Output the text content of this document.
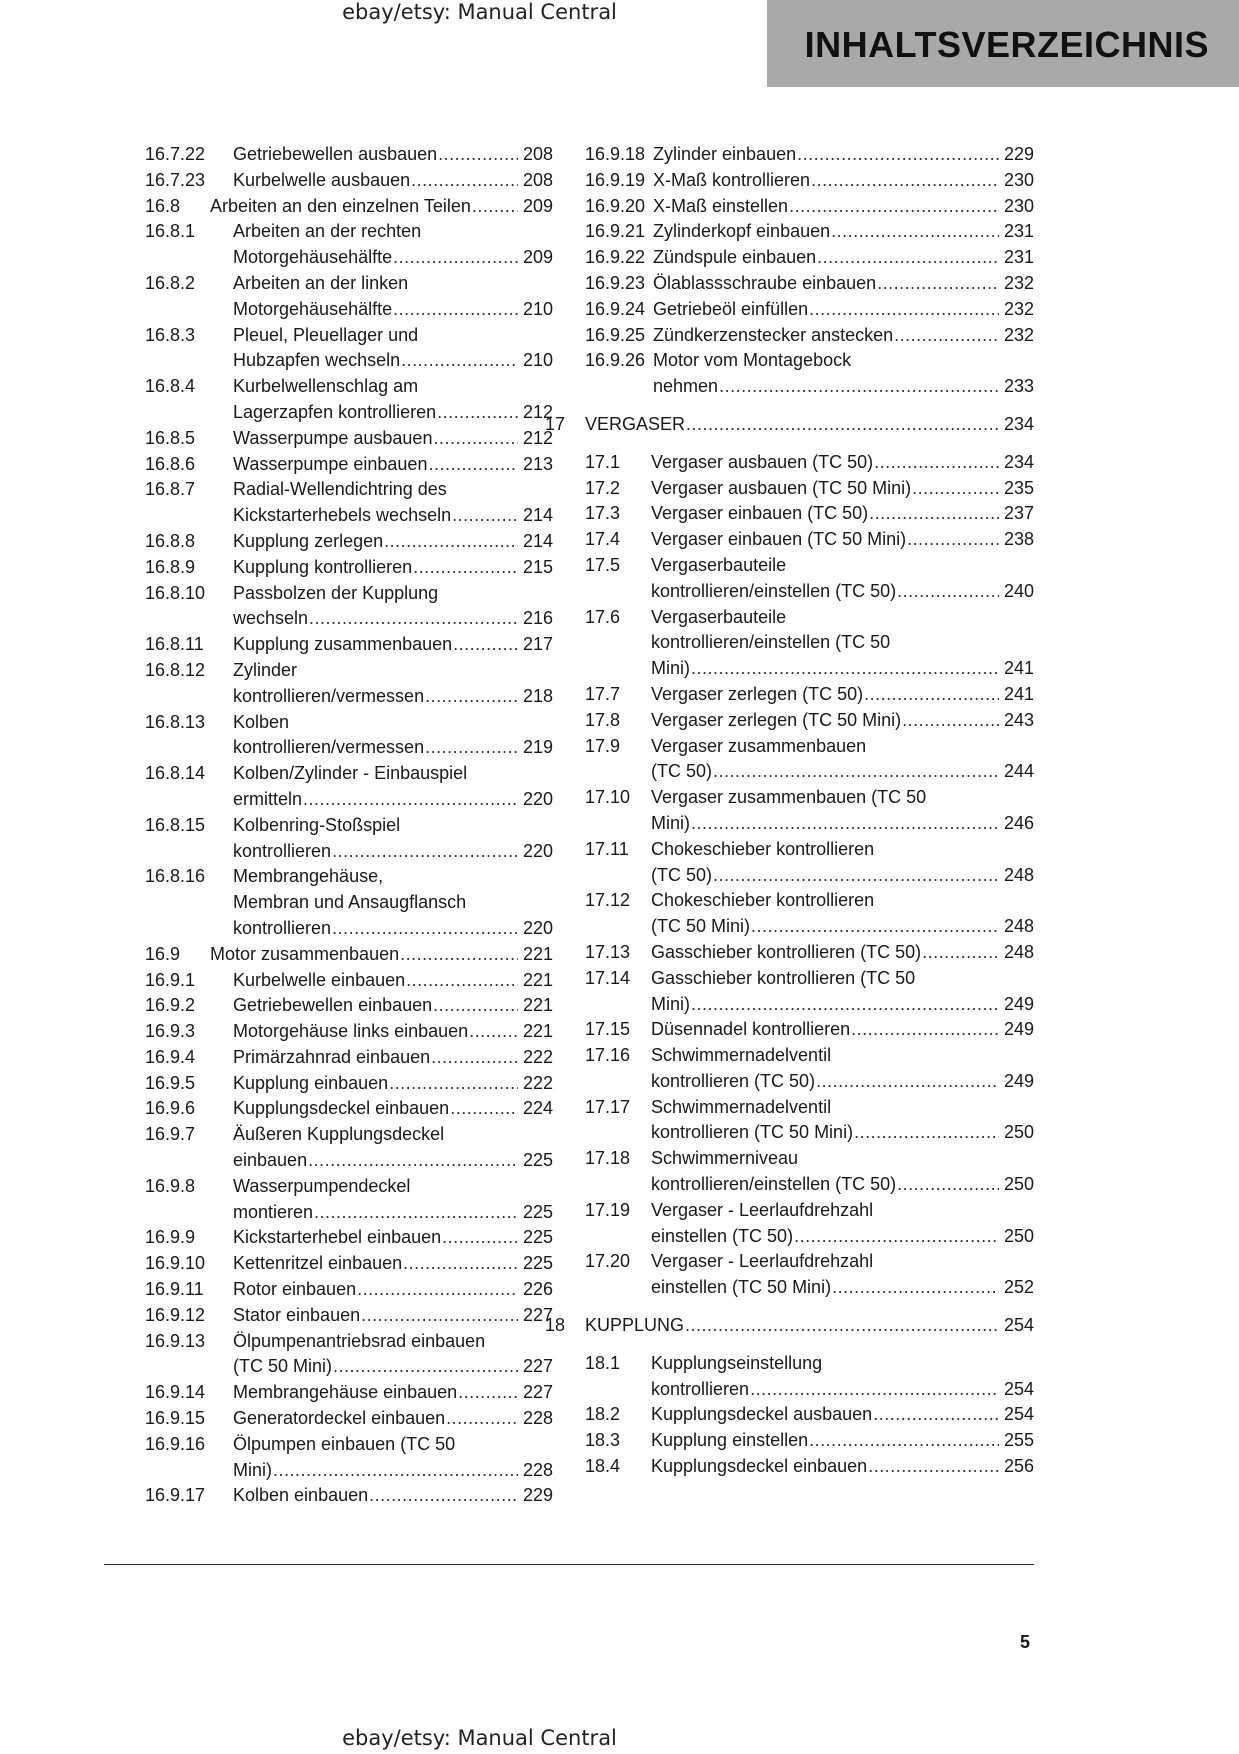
ebay/etsy: Manual Central
INHALTSVERZEICHNIS
16.7.22 Getriebewellen ausbauen .....	208
16.7.23 Kurbelwelle ausbauen .....	208
16.8 Arbeiten an den einzelnen Teilen .....	209
16.8.1 Arbeiten an der rechten
Motorgehäusehälfte .....	209
16.8.2 Arbeiten an der linken
Motorgehäusehälfte .....	210
16.8.3 Pleuel, Pleuellager und
Hubzapfen wechseln .....	210
16.8.4 Kurbelwellenschlag am
Lagerzapfen kontrollieren .....	212
16.8.5 Wasserpumpe ausbauen .....	212
16.8.6 Wasserpumpe einbauen .....	213
16.8.7 Radial-Wellendichtring des
Kickstarterhebels wechseln .....	214
16.8.8 Kupplung zerlegen .....	214
16.8.9 Kupplung kontrollieren .....	215
16.8.10 Passbolzen der Kupplung
wechseln .....	216
16.8.11 Kupplung zusammenbauen .....	217
16.8.12 Zylinder
kontrollieren/vermessen .....	218
16.8.13 Kolben
kontrollieren/vermessen .....	219
16.8.14 Kolben/Zylinder - Einbauspiel
ermitteln .....	220
16.8.15 Kolbenring-Stoßspiel
kontrollieren .....	220
16.8.16 Membrangehäuse,
Membran und Ansaugflansch
kontrollieren .....	220
16.9 Motor zusammenbauen .....	221
16.9.1 Kurbelwelle einbauen .....	221
16.9.2 Getriebewellen einbauen .....	221
16.9.3 Motorgehäuse links einbauen .....	221
16.9.4 Primärzahnrad einbauen .....	222
16.9.5 Kupplung einbauen .....	222
16.9.6 Kupplungsdeckel einbauen .....	224
16.9.7 Äußeren Kupplungsdeckel
einbauen .....	225
16.9.8 Wasserpumpendeckel
montieren .....	225
16.9.9 Kickstarterhebel einbauen .....	225
16.9.10 Kettenritzel einbauen .....	225
16.9.11 Rotor einbauen .....	226
16.9.12 Stator einbauen .....	227
16.9.13 Ölpumpenantriebsrad einbauen
(TC 50 Mini) .....	227
16.9.14 Membrangehäuse einbauen .....	227
16.9.15 Generatordeckel einbauen .....	228
16.9.16 Ölpumpen einbauen (TC 50
Mini) .....	228
16.9.17 Kolben einbauen .....	229
16.9.18 Zylinder einbauen .....	229
16.9.19 X-Maß kontrollieren .....	230
16.9.20 X-Maß einstellen .....	230
16.9.21 Zylinderkopf einbauen .....	231
16.9.22 Zündspule einbauen .....	231
16.9.23 Ölablassschraube einbauen .....	232
16.9.24 Getriebeöl einfüllen .....	232
16.9.25 Zündkerzenstecker anstecken .....	232
16.9.26 Motor vom Montagebock
nehmen .....	233
17 VERGASER .....	234
17.1 Vergaser ausbauen (TC 50) .....	234
17.2 Vergaser ausbauen (TC 50 Mini) .....	235
17.3 Vergaser einbauen (TC 50) .....	237
17.4 Vergaser einbauen (TC 50 Mini) .....	238
17.5 Vergaserbauteile
kontrollieren/einstellen (TC 50) .....	240
17.6 Vergaserbauteile
kontrollieren/einstellen (TC 50
Mini) .....	241
17.7 Vergaser zerlegen (TC 50) .....	241
17.8 Vergaser zerlegen (TC 50 Mini) .....	243
17.9 Vergaser zusammenbauen
(TC 50) .....	244
17.10 Vergaser zusammenbauen (TC 50
Mini) .....	246
17.11 Chokeschieber kontrollieren
(TC 50) .....	248
17.12 Chokeschieber kontrollieren
(TC 50 Mini) .....	248
17.13 Gasschieber kontrollieren (TC 50) .....	248
17.14 Gasschieber kontrollieren (TC 50
Mini) .....	249
17.15 Düsennadel kontrollieren .....	249
17.16 Schwimmernadelventil
kontrollieren (TC 50) .....	249
17.17 Schwimmernadelventil
kontrollieren (TC 50 Mini) .....	250
17.18 Schwimmerniveau
kontrollieren/einstellen (TC 50) .....	250
17.19 Vergaser - Leerlaufdrehzahl
einstellen (TC 50) .....	250
17.20 Vergaser - Leerlaufdrehzahl
einstellen (TC 50 Mini) .....	252
18 KUPPLUNG .....	254
18.1 Kupplungseinstellung
kontrollieren .....	254
18.2 Kupplungsdeckel ausbauen .....	254
18.3 Kupplung einstellen .....	255
18.4 Kupplungsdeckel einbauen .....	256
5
ebay/etsy: Manual Central
